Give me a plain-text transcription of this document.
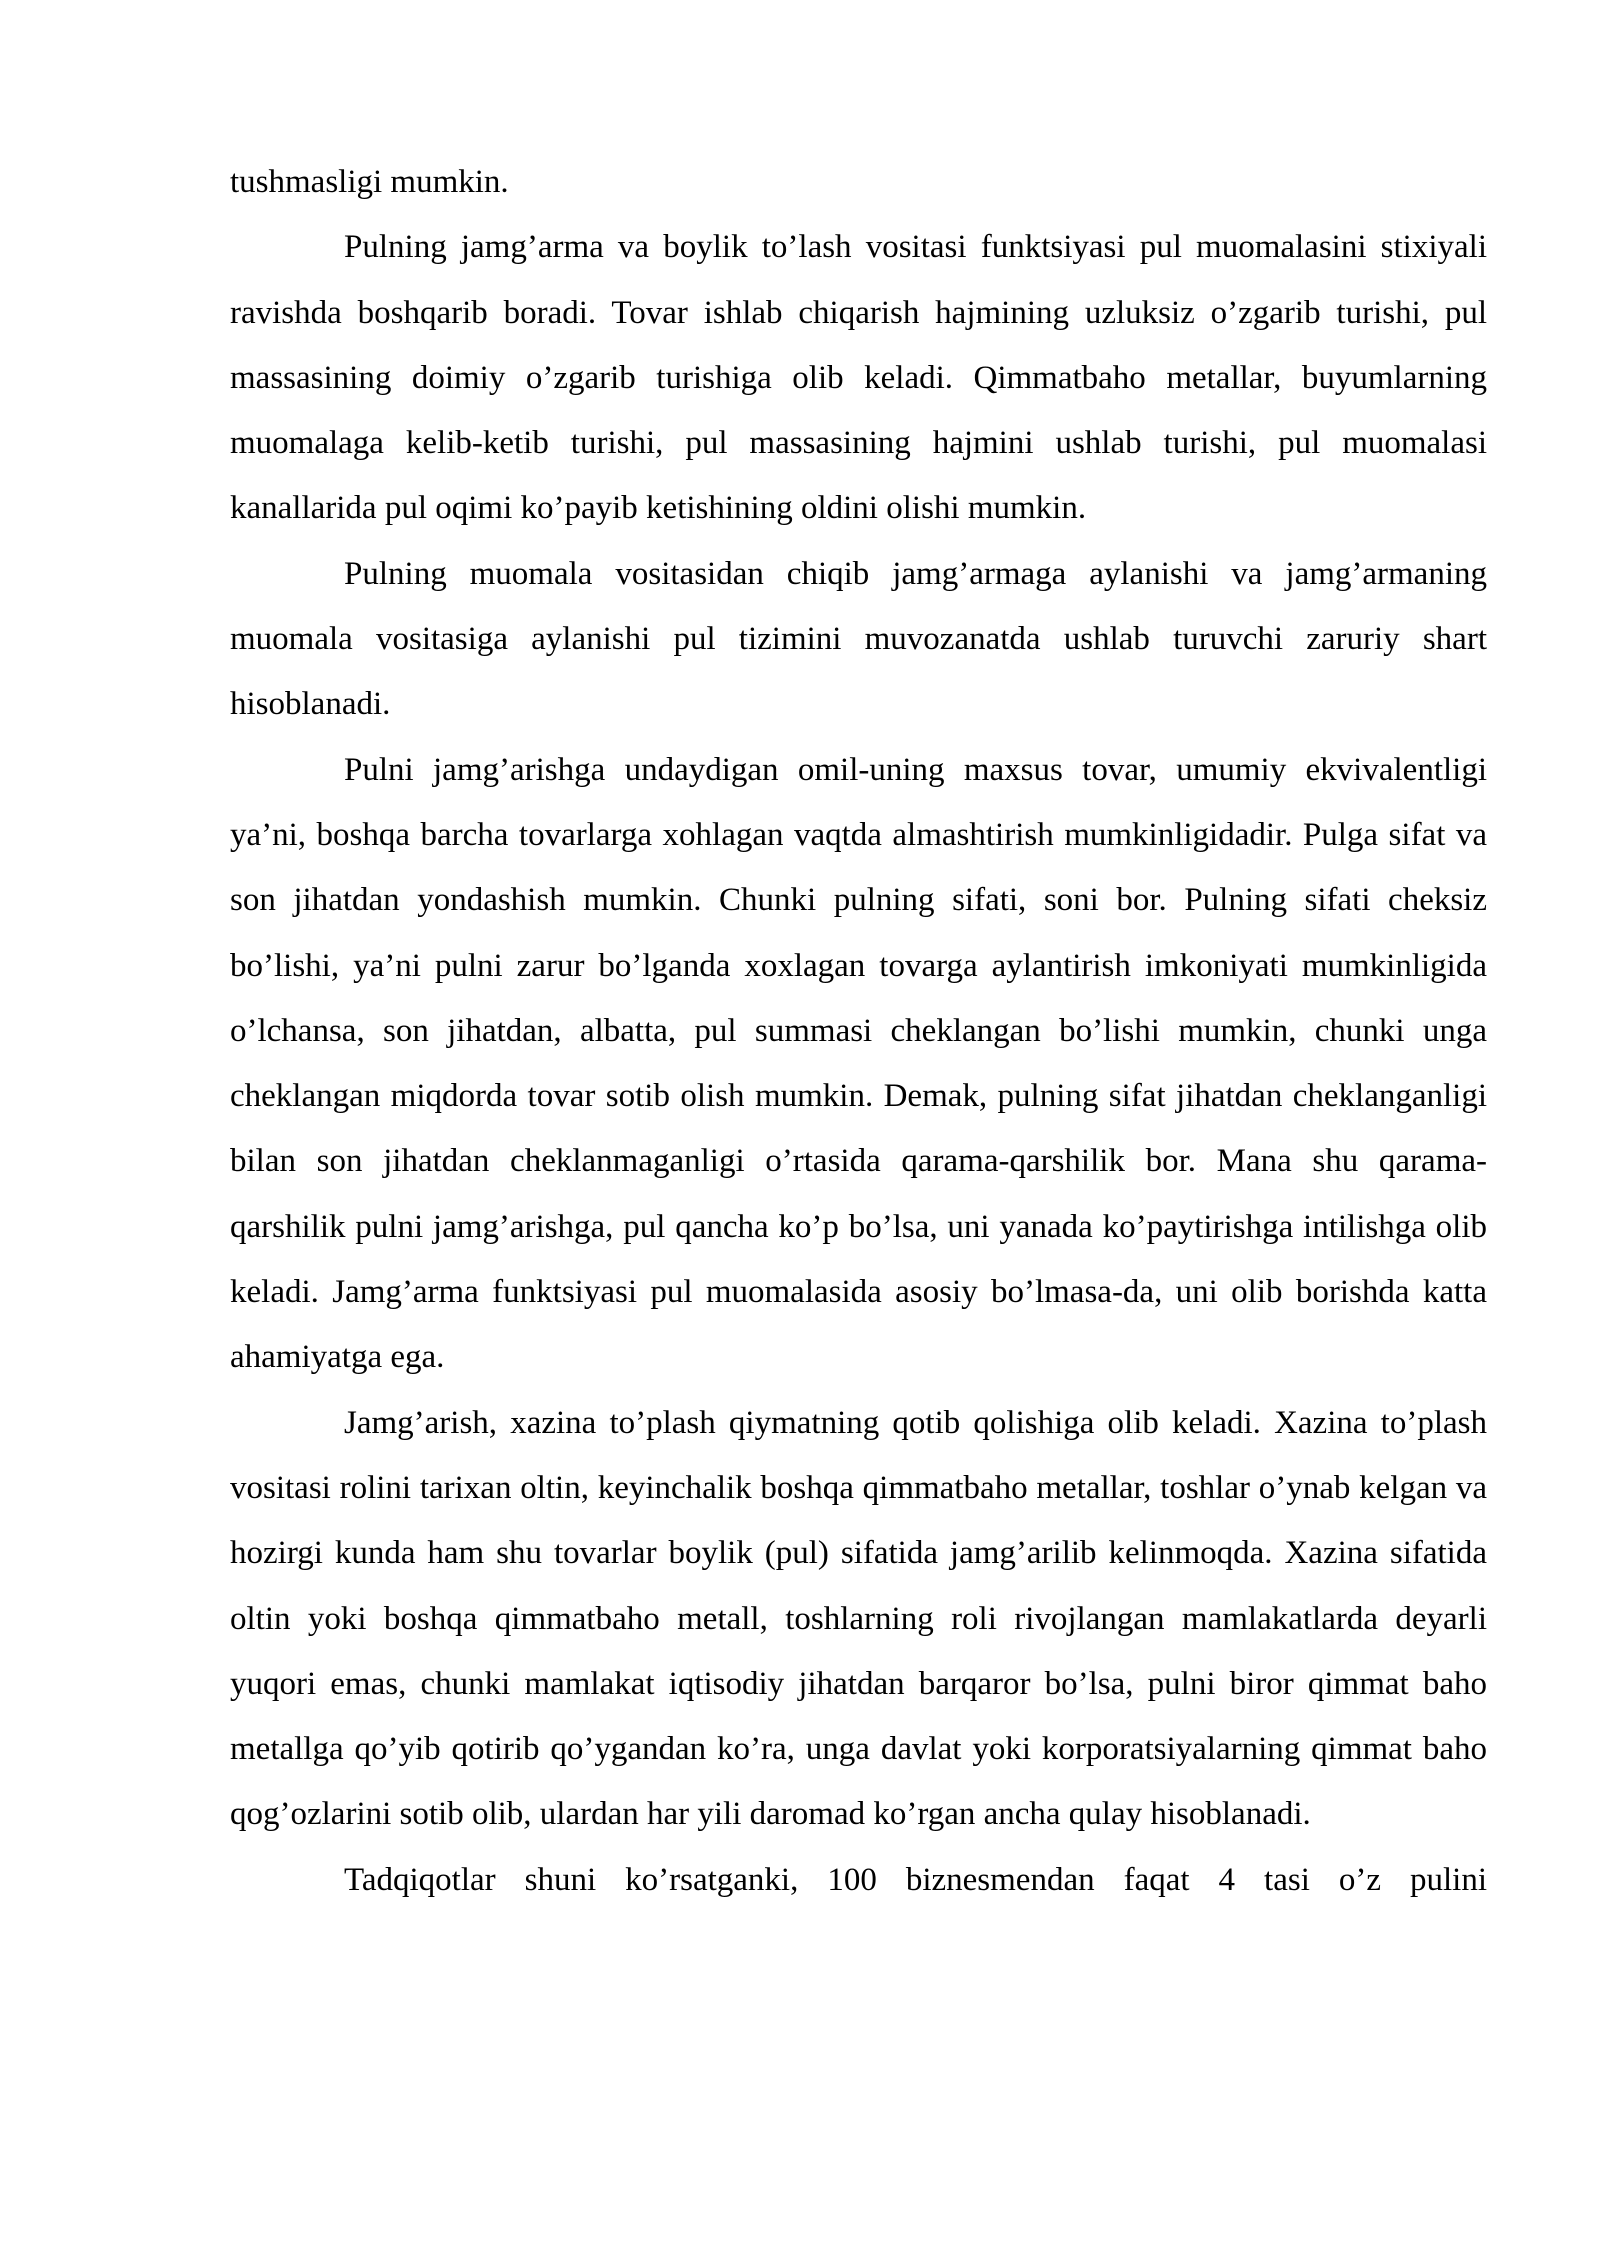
tushmasligi mumkin.

Pulning jamg’arma va boylik to’lash vositasi funktsiyasi pul muomalasini stixiyali ravishda boshqarib boradi. Tovar ishlab chiqarish hajmining uzluksiz o’zgarib turishi, pul massasining doimiy o’zgarib turishiga olib keladi. Qimmatbaho metallar, buyumlarning muomalaga kelib-ketib turishi, pul massasining hajmini ushlab turishi, pul muomalasi kanallarida pul oqimi ko’payib ketishining oldini olishi mumkin.

Pulning muomala vositasidan chiqib jamg’armaga aylanishi va jamg’armaning muomala vositasiga aylanishi pul tizimini muvozanatda ushlab turuvchi zaruriy shart hisoblanadi.

Pulni jamg’arishga undaydigan omil-uning maxsus tovar, umumiy ekvivalentligi ya’ni, boshqa barcha tovarlarga xohlagan vaqtda almashtirish mumkinligidadir. Pulga sifat va son jihatdan yondashish mumkin. Chunki pulning sifati, soni bor. Pulning sifati cheksiz bo’lishi, ya’ni pulni zarur bo’lganda xoxlagan tovarga aylantirish imkoniyati mumkinligida o’lchansa, son jihatdan, albatta, pul summasi cheklangan bo’lishi mumkin, chunki unga cheklangan miqdorda tovar sotib olish mumkin. Demak, pulning sifat jihatdan cheklanganligi bilan son jihatdan cheklanmaganligi o’rtasida qarama-qarshilik bor. Mana shu qarama-qarshilik pulni jamg’arishga, pul qancha ko’p bo’lsa, uni yanada ko’paytirishga intilishga olib keladi. Jamg’arma funktsiyasi pul muomalasida asosiy bo’lmasa-da, uni olib borishda katta ahamiyatga ega.

Jamg’arish, xazina to’plash qiymatning qotib qolishiga olib keladi. Xazina to’plash vositasi rolini tarixan oltin, keyinchalik boshqa qimmatbaho metallar, toshlar o’ynab kelgan va hozirgi kunda ham shu tovarlar boylik (pul) sifatida jamg’arilib kelinmoqda. Xazina sifatida oltin yoki boshqa qimmatbaho metall, toshlarning roli rivojlangan mamlakatlarda deyarli yuqori emas, chunki mamlakat iqtisodiy jihatdan barqaror bo’lsa, pulni biror qimmat baho metallga qo’yib qotirib qo’ygandan ko’ra, unga davlat yoki korporatsiyalarning qimmat baho qog’ozlarini sotib olib, ulardan har yili daromad ko’rgan ancha qulay hisoblanadi.

Tadqiqotlar shuni ko’rsatganki, 100 biznesmendan faqat 4 tasi o’z pulini
